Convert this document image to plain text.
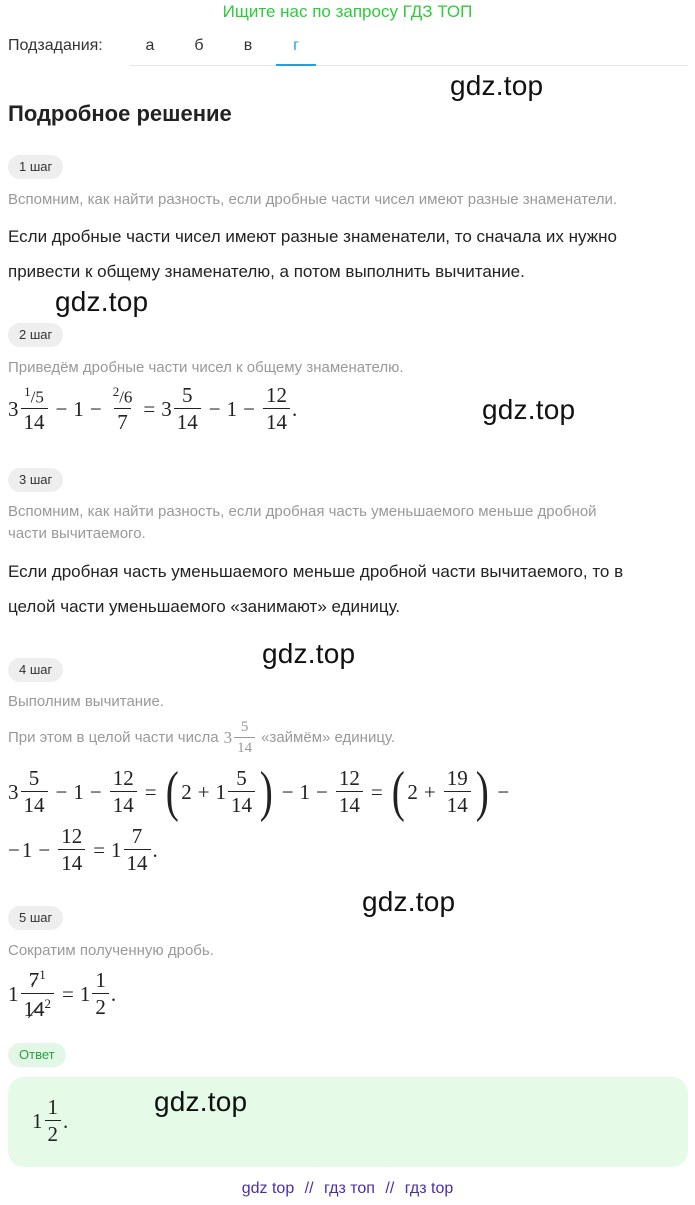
Ищите нас по запросу ГДЗ ТОП
Подзадания:	а	б	в	г
gdz.top
Подробное решение
1 шаг
Вспомним, как найти разность, если дробные части чисел имеют разные знаменатели.
Если дробные части чисел имеют разные знаменатели, то сначала их нужно
привести к общему знаменателю, а потом выполнить вычитание.
gdz.top
2 шаг
Приведём дробные части чисел к общему знаменателю.
$3 \frac{^1/5}{14} - 1 - \frac{^2/6}{7} = 3 \frac{5}{14} - 1 - \frac{12}{14}$ .	gdz.top
3 шаг
Вспомним, как найти разность, если дробная часть уменьшаемого меньше дробной
части вычитаемого.
Если дробная часть уменьшаемого меньше дробной части вычитаемого, то в
целой части уменьшаемого «занимают» единицу.
gdz.top
4 шаг
Выполним вычитание.
При этом в целой части числа $3 \frac{5}{14}$ «займём» единицу.
$3 \frac{5}{14} - 1 - \frac{12}{14}$ = ( $2 + 1 \frac{5}{14}$ ) − $1 - \frac{12}{14}$ = ( $2 + \frac{19}{14}$ ) −
− $1 - \frac{12}{14} = 1 \frac{7}{14}$ .
gdz.top
5 шаг
Сократим полученную дробь.
$1 \frac{7^1}{14^2} = 1 \frac{1}{2}$ .
Ответ
$1 \frac{1}{2}$ .
gdz.top
gdz top // гдз топ // гдз top
